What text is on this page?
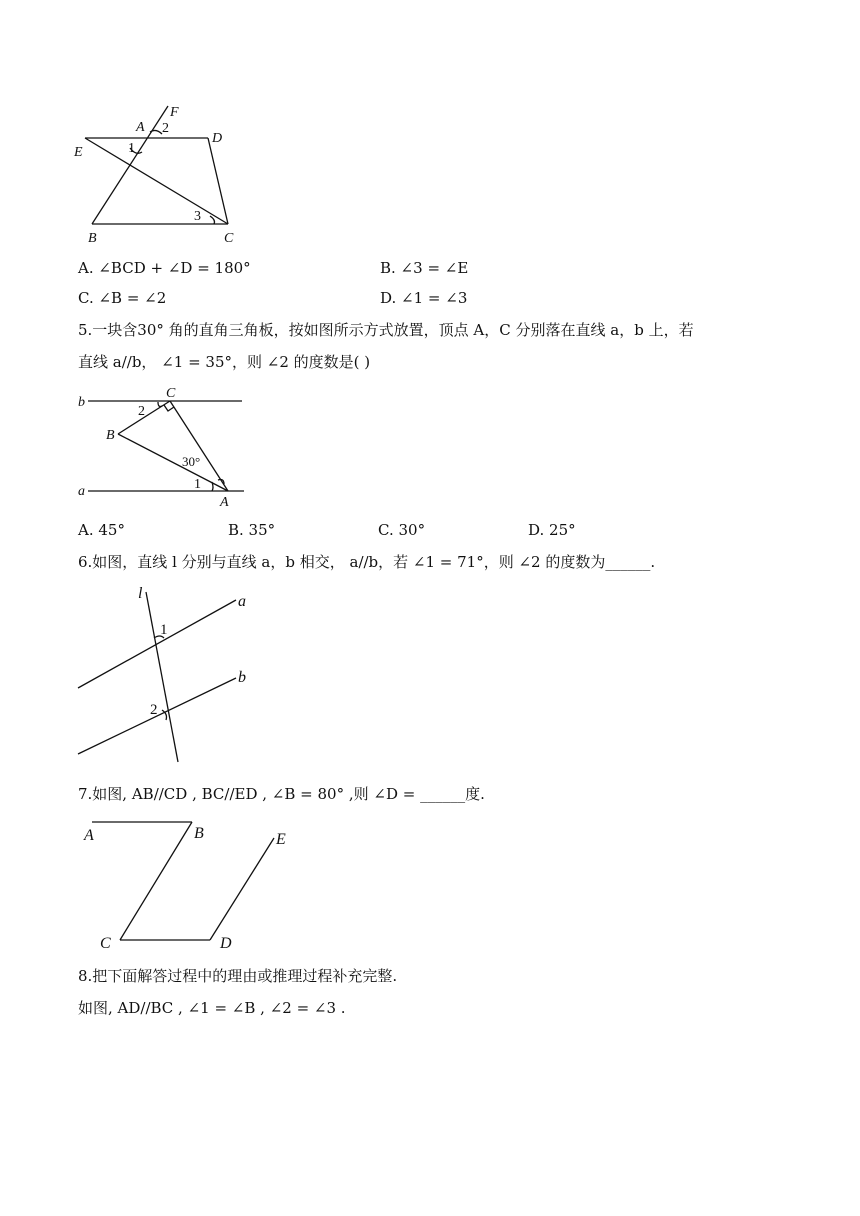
F
A 2
D
E	1
3
B	C
A. ∠BCD + ∠D = 180°	B. ∠3 = ∠E
C. ∠B = ∠2	D. ∠1 = ∠3
5.一块含30° 角的直角三角板，按如图所示方式放置，顶点 A，C 分别落在直线 a，b 上，若
直线 a//b， ∠1 = 35°，则 ∠2 的度数是( )
b
C
2
B
30°
a	1
A
A. 45°	B. 35°	C. 30°	D. 25°
6.如图，直线 l 分别与直线 a，b 相交， a//b，若 ∠1 = 71°，则 ∠2 的度数为______.
l	a
1
b
2
7.如图, AB//CD , BC//ED , ∠B = 80° ,则 ∠D = ______度.
A	B	E
C	D
8.把下面解答过程中的理由或推理过程补充完整.
如图, AD//BC , ∠1 = ∠B , ∠2 = ∠3 .
